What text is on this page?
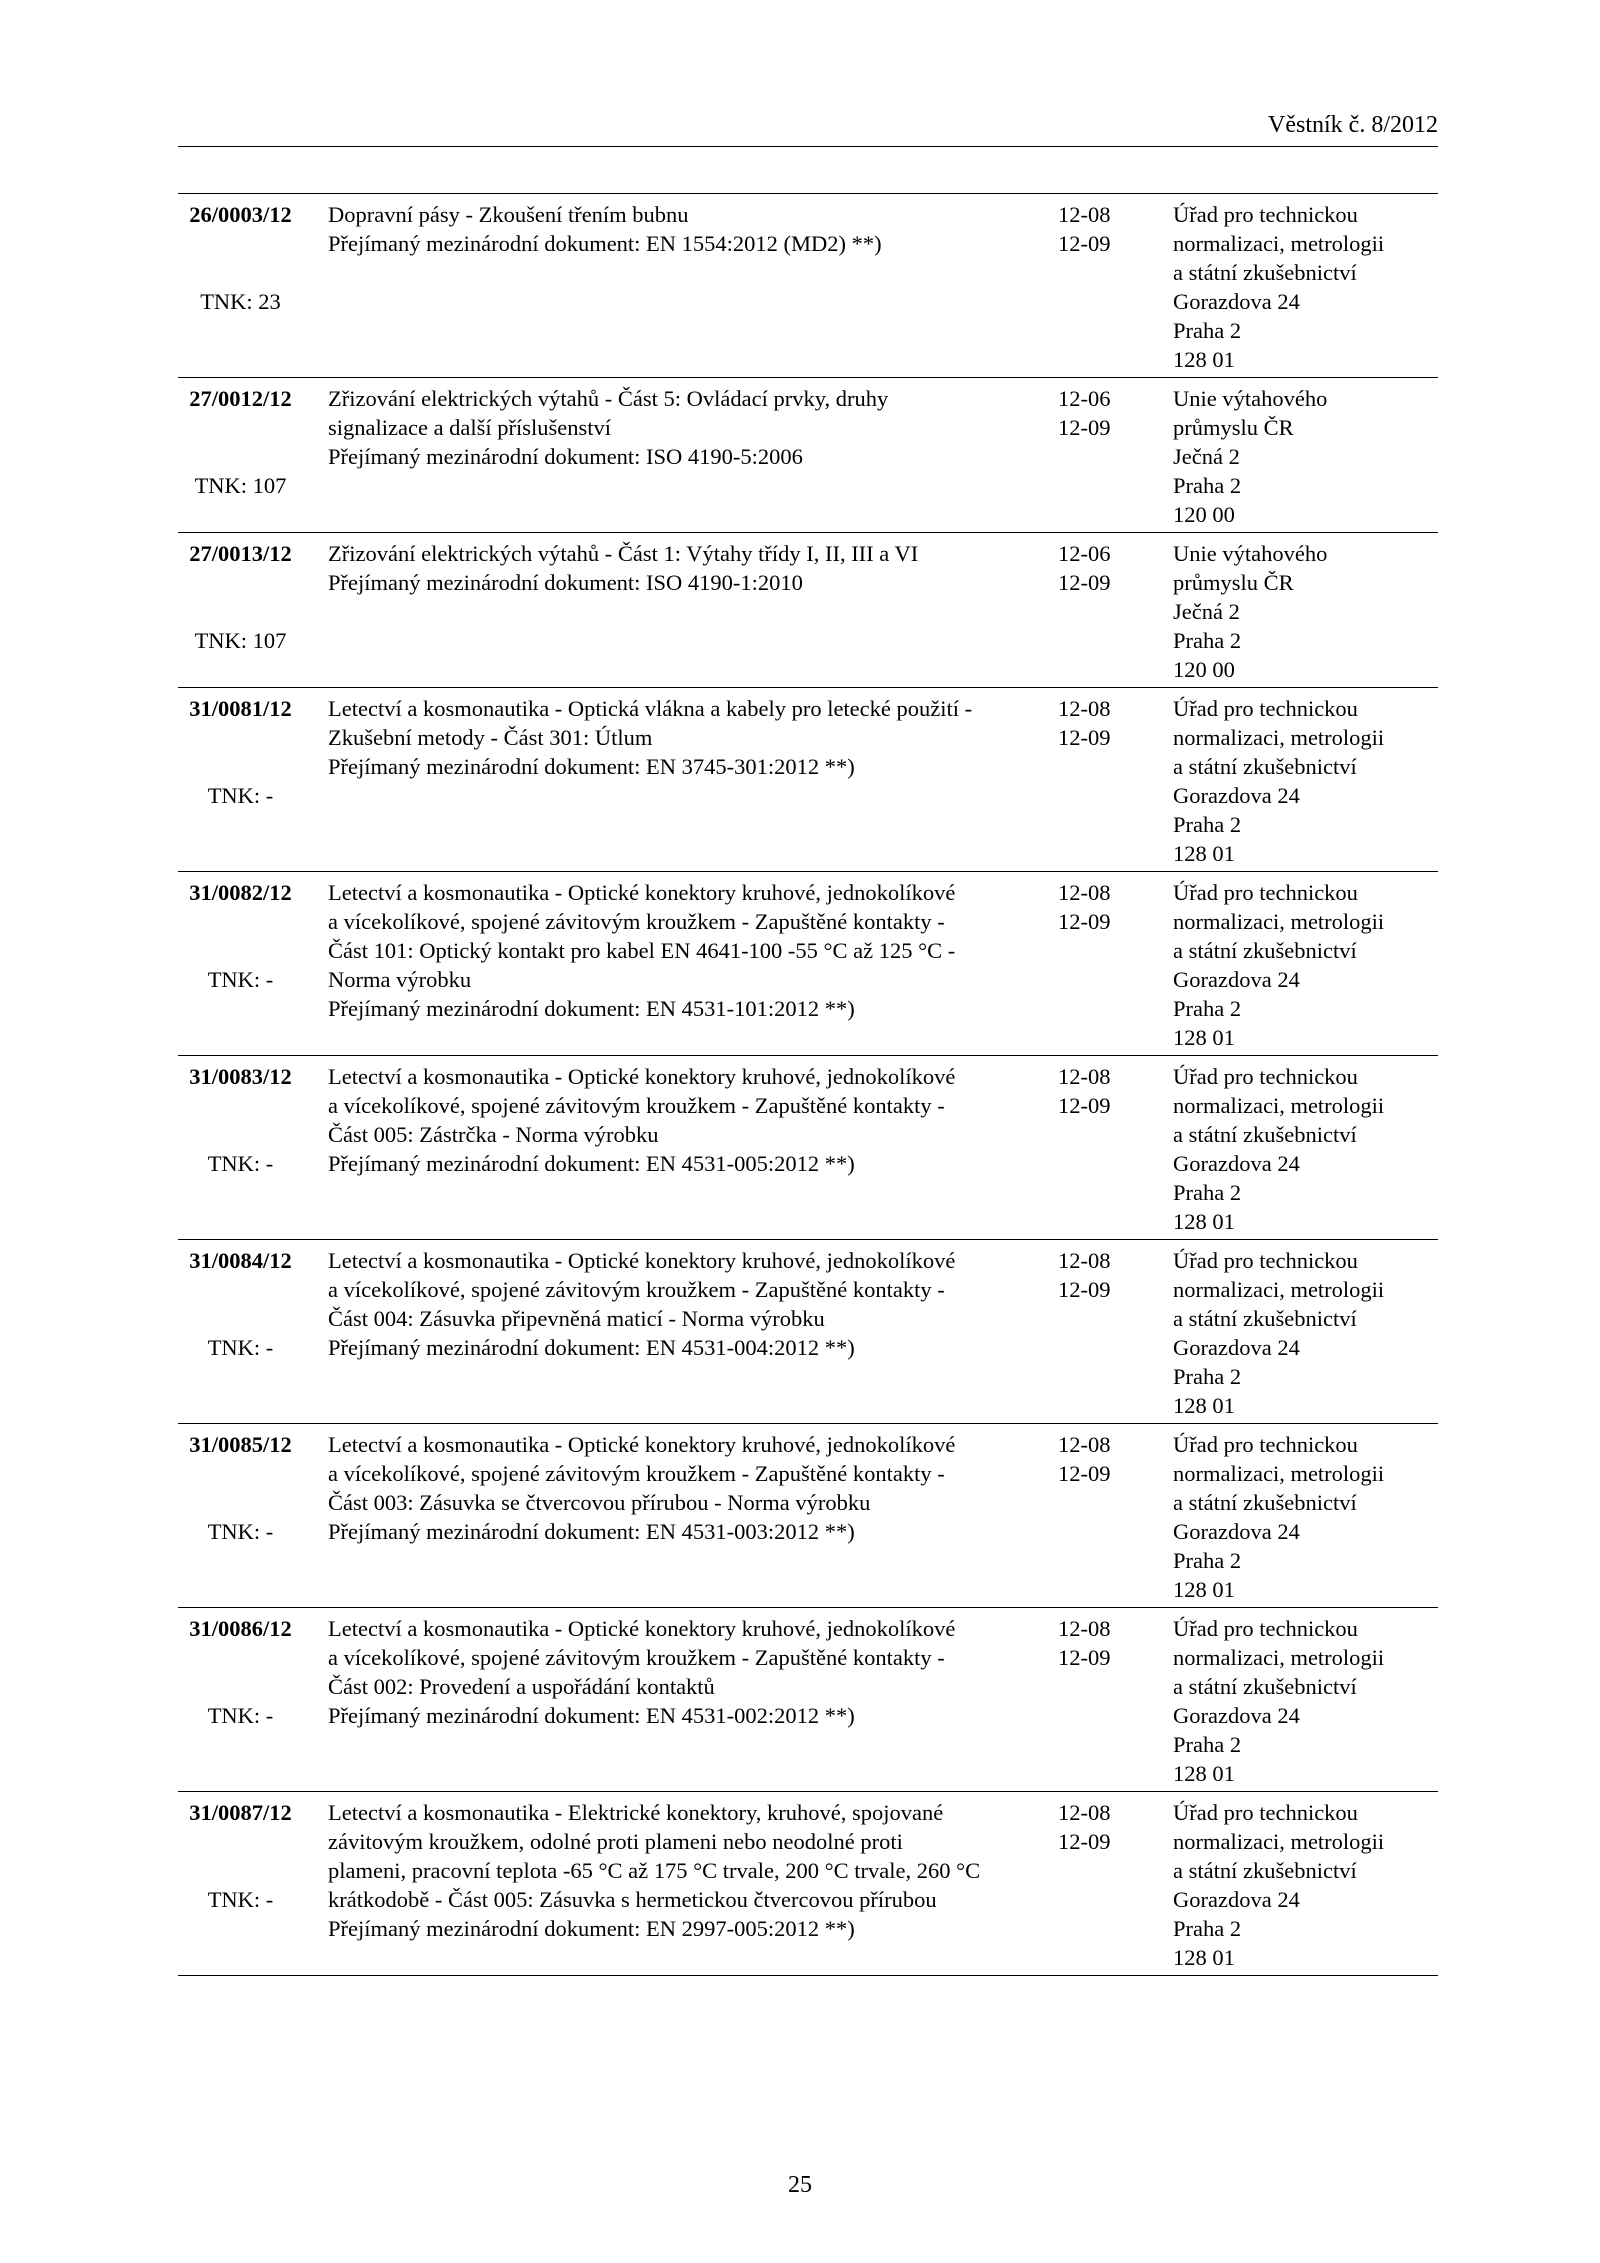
Věstník č. 8/2012
26/0003/12
TNK: 23
Dopravní pásy - Zkoušení třením bubnu
Přejímaný mezinárodní dokument: EN 1554:2012 (MD2) **)
12-08
12-09
Úřad pro technickou
normalizaci, metrologii
a státní zkušebnictví
Gorazdova 24
Praha 2
128 01
27/0012/12
TNK: 107
Zřizování elektrických výtahů - Část 5: Ovládací prvky, druhy
signalizace a další příslušenství
Přejímaný mezinárodní dokument: ISO 4190-5:2006
12-06
12-09
Unie výtahového
průmyslu ČR
Ječná 2
Praha 2
120 00
27/0013/12
TNK: 107
Zřizování elektrických výtahů - Část 1: Výtahy třídy I, II, III a VI
Přejímaný mezinárodní dokument: ISO 4190-1:2010
12-06
12-09
Unie výtahového
průmyslu ČR
Ječná 2
Praha 2
120 00
31/0081/12
TNK: -
Letectví a kosmonautika - Optická vlákna a kabely pro letecké použití -
Zkušební metody - Část 301: Útlum
Přejímaný mezinárodní dokument: EN 3745-301:2012 **)
12-08
12-09
Úřad pro technickou
normalizaci, metrologii
a státní zkušebnictví
Gorazdova 24
Praha 2
128 01
31/0082/12
TNK: -
Letectví a kosmonautika - Optické konektory kruhové, jednokolíkové
a vícekolíkové, spojené závitovým kroužkem - Zapuštěné kontakty -
Část 101: Optický kontakt pro kabel EN 4641-100 -55 °C až 125 °C -
Norma výrobku
Přejímaný mezinárodní dokument: EN 4531-101:2012 **)
12-08
12-09
Úřad pro technickou
normalizaci, metrologii
a státní zkušebnictví
Gorazdova 24
Praha 2
128 01
31/0083/12
TNK: -
Letectví a kosmonautika - Optické konektory kruhové, jednokolíkové
a vícekolíkové, spojené závitovým kroužkem - Zapuštěné kontakty -
Část 005: Zástrčka - Norma výrobku
Přejímaný mezinárodní dokument: EN 4531-005:2012 **)
12-08
12-09
Úřad pro technickou
normalizaci, metrologii
a státní zkušebnictví
Gorazdova 24
Praha 2
128 01
31/0084/12
TNK: -
Letectví a kosmonautika - Optické konektory kruhové, jednokolíkové
a vícekolíkové, spojené závitovým kroužkem - Zapuštěné kontakty -
Část 004: Zásuvka připevněná maticí - Norma výrobku
Přejímaný mezinárodní dokument: EN 4531-004:2012 **)
12-08
12-09
Úřad pro technickou
normalizaci, metrologii
a státní zkušebnictví
Gorazdova 24
Praha 2
128 01
31/0085/12
TNK: -
Letectví a kosmonautika - Optické konektory kruhové, jednokolíkové
a vícekolíkové, spojené závitovým kroužkem - Zapuštěné kontakty -
Část 003: Zásuvka se čtvercovou přírubou - Norma výrobku
Přejímaný mezinárodní dokument: EN 4531-003:2012 **)
12-08
12-09
Úřad pro technickou
normalizaci, metrologii
a státní zkušebnictví
Gorazdova 24
Praha 2
128 01
31/0086/12
TNK: -
Letectví a kosmonautika - Optické konektory kruhové, jednokolíkové
a vícekolíkové, spojené závitovým kroužkem - Zapuštěné kontakty -
Část 002: Provedení a uspořádání kontaktů
Přejímaný mezinárodní dokument: EN 4531-002:2012 **)
12-08
12-09
Úřad pro technickou
normalizaci, metrologii
a státní zkušebnictví
Gorazdova 24
Praha 2
128 01
31/0087/12
TNK: -
Letectví a kosmonautika - Elektrické konektory, kruhové, spojované
závitovým kroužkem, odolné proti plameni nebo neodolné proti
plameni, pracovní teplota -65 °C až 175 °C trvale, 200 °C trvale, 260 °C
krátkodobě - Část 005: Zásuvka s hermetickou čtvercovou přírubou
Přejímaný mezinárodní dokument: EN 2997-005:2012 **)
12-08
12-09
Úřad pro technickou
normalizaci, metrologii
a státní zkušebnictví
Gorazdova 24
Praha 2
128 01
25
